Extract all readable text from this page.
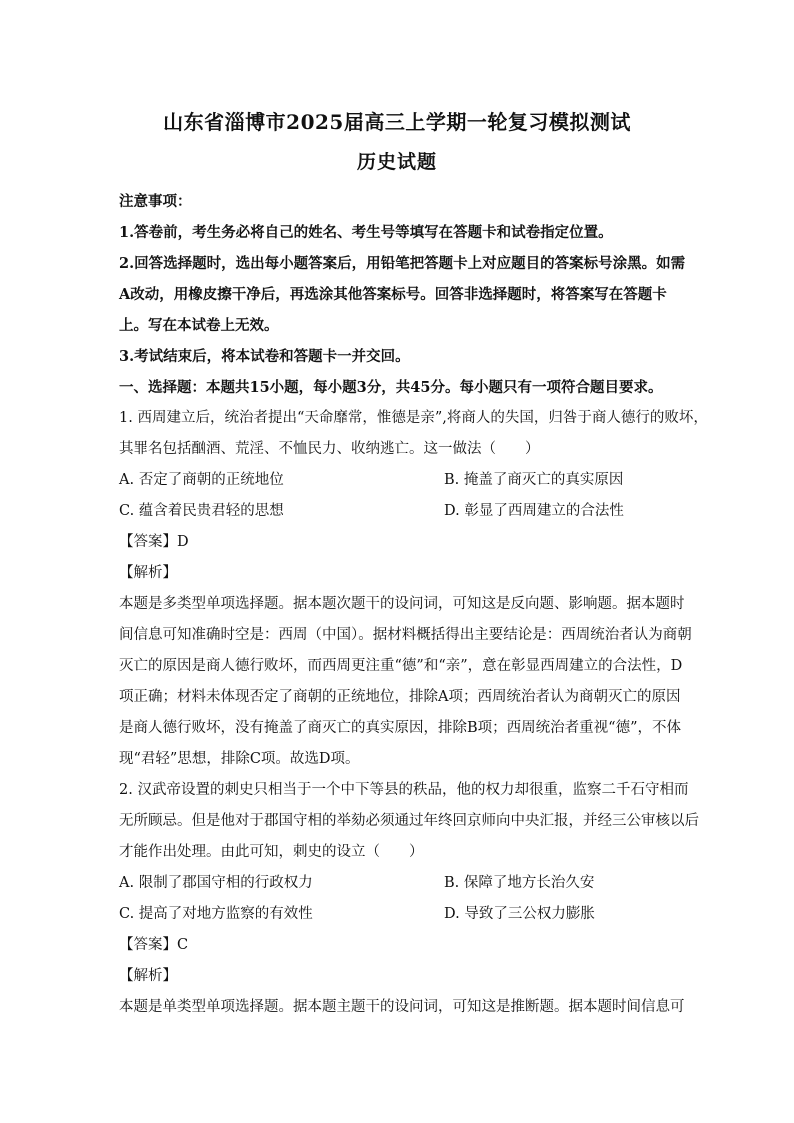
山东省淄博市2025届高三上学期一轮复习模拟测试
历史试题
注意事项：
1.答卷前，考生务必将自己的姓名、考生号等填写在答题卡和试卷指定位置。
2.回答选择题时，选出每小题答案后，用铅笔把答题卡上对应题目的答案标号涂黑。如需
A改动，用橡皮擦干净后，再选涂其他答案标号。回答非选择题时，将答案写在答题卡
上。写在本试卷上无效。
3.考试结束后，将本试卷和答题卡一并交回。
一、选择题：本题共15小题，每小题3分，共45分。每小题只有一项符合题目要求。
1. 西周建立后，统治者提出“天命靡常，惟德是亲”,将商人的失国，归咎于商人德行的败坏，
其罪名包括酗酒、荒淫、不恤民力、收纳逃亡。这一做法（　　）
A. 否定了商朝的正统地位	B. 掩盖了商灭亡的真实原因
C. 蕴含着民贵君轻的思想	D. 彰显了西周建立的合法性
【答案】D
【解析】
本题是多类型单项选择题。据本题次题干的设问词，可知这是反向题、影响题。据本题时
间信息可知准确时空是：西周（中国）。据材料概括得出主要结论是：西周统治者认为商朝
灭亡的原因是商人德行败坏，而西周更注重“德”和“亲”，意在彰显西周建立的合法性，D
项正确；材料未体现否定了商朝的正统地位，排除A项；西周统治者认为商朝灭亡的原因
是商人德行败坏，没有掩盖了商灭亡的真实原因，排除B项；西周统治者重视“德”，不体
现“君轻”思想，排除C项。故选D项。
2. 汉武帝设置的刺史只相当于一个中下等县的秩品，他的权力却很重，监察二千石守相而
无所顾忌。但是他对于郡国守相的举劾必须通过年终回京师向中央汇报，并经三公审核以后
才能作出处理。由此可知，刺史的设立（　　）
A. 限制了郡国守相的行政权力	B. 保障了地方长治久安
C. 提高了对地方监察的有效性	D. 导致了三公权力膨胀
【答案】C
【解析】
本题是单类型单项选择题。据本题主题干的设问词，可知这是推断题。据本题时间信息可
